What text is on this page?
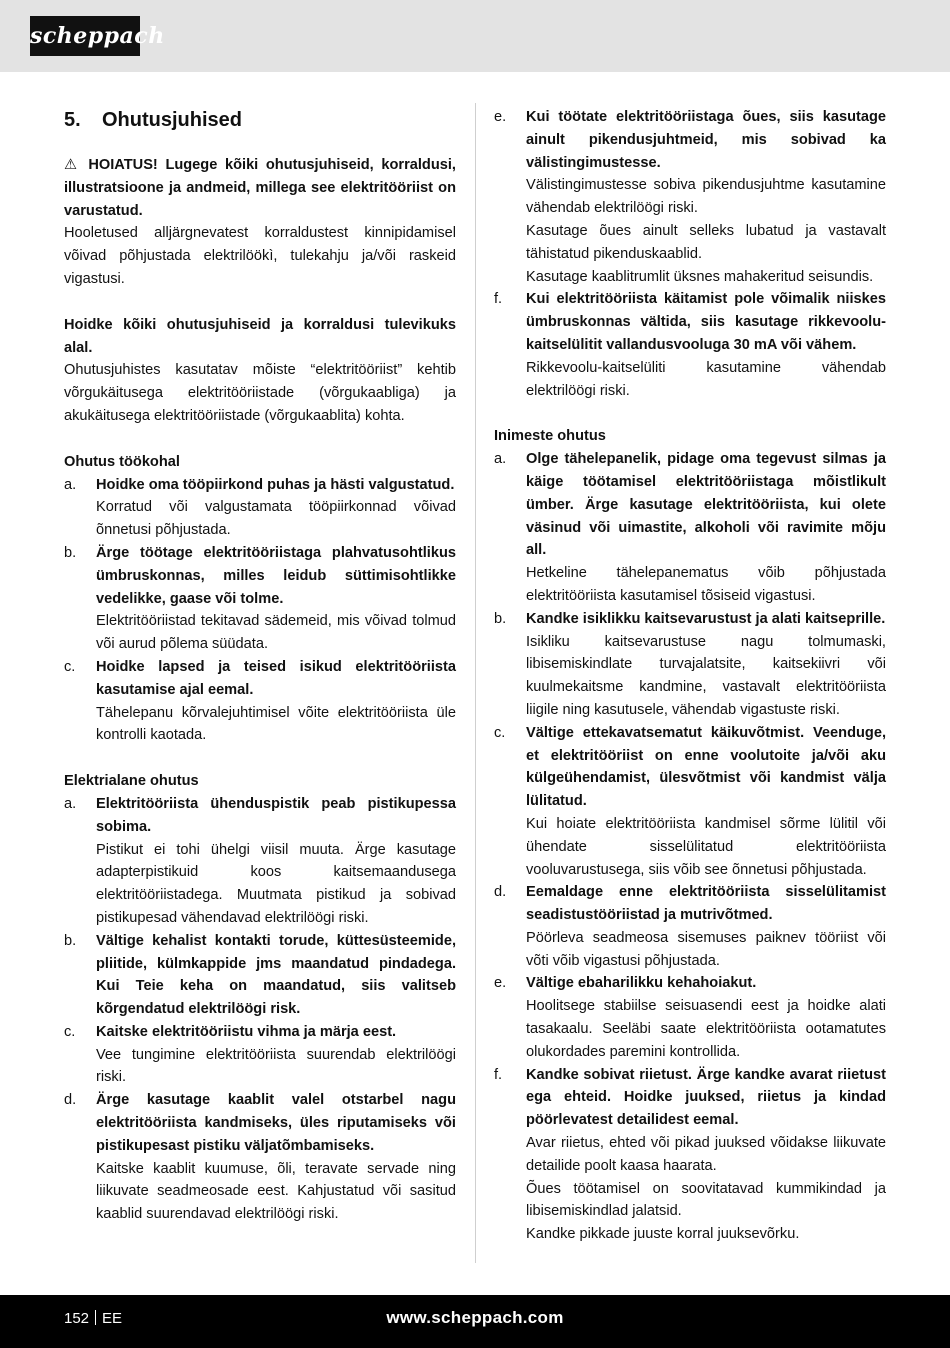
scheppach
5.	Ohutusjuhised

⚠ HOIATUS! Lugege kõiki ohutusjuhiseid, korraldusi, illustratsioone ja andmeid, millega see elektritööriist on varustatud.

Hooletused alljärgnevatest korraldustest kinnipidamisel võivad põhjustada elektrilöökì, tulekahju ja/või raskeid vigastusi.

Hoidke kõiki ohutusjuhiseid ja korraldusi tulevikuks alal.

Ohutusjuhistes kasutatav mõiste “elektritööriist” kehtib võrgukäitusega elektritööriistade (võrgukaabliga) ja akukäitusega elektritööriistade (võrgukaablita) kohta.

Ohutus töökohal
a.	Hoidke oma tööpiirkond puhas ja hästi valgustatud.

Korratud või valgustamata tööpiirkonnad võivad õnnetusi põhjustada.

b.	Ärge töötage elektritööriistaga plahvatusohtlikus ümbruskonnas, milles leidub süttimisohtlikke vedelikke, gaase või tolme.

Elektritööriistad tekitavad sädemeid, mis võivad tolmud või aurud põlema süüdata.

c.	Hoidke lapsed ja teised isikud elektritööriista kasutamise ajal eemal.

Tähelepanu kõrvalejuhtimisel võite elektritööriista üle kontrolli kaotada.

Elektrialane ohutus
a.	Elektritööriista ühenduspistik peab pistikupessa sobima.

Pistikut ei tohi ühelgi viisil muuta. Ärge kasutage adapterpistikuid koos kaitsemaandusega elektritööriistadega. Muutmata pistikud ja sobivad pistikupesad vähendavad elektrilöögi riski.

b.	Vältige kehalist kontakti torude, küttesüsteemide, pliitide, külmkappide jms maandatud pindadega. Kui Teie keha on maandatud, siis valitseb kõrgendatud elektrilöögi risk.

c.	Kaitske elektritööriistu vihma ja märja eest.

Vee tungimine elektritööriista suurendab elektrilöögi riski.

d.	Ärge kasutage kaablit valel otstarbel nagu elektritööriista kandmiseks, üles riputamiseks või pistikupesast pistiku väljatõmbamiseks.

Kaitske kaablit kuumuse, õli, teravate servade ning liikuvate seadmeosade eest. Kahjustatud või sasitud kaablid suurendavad elektrilöögi riski.

e.	Kui töötate elektritööriistaga õues, siis kasutage ainult pikendusjuhtmeid, mis sobivad ka välistingimustesse.

Välistingimustesse sobiva pikendusjuhtme kasutamine vähendab elektrilöögi riski.

Kasutage õues ainult selleks lubatud ja vastavalt tähistatud pikenduskaablid.

Kasutage kaablitrumlit üksnes mahakeritud seisundis.

f.	Kui elektritööriista käitamist pole võimalik niiskes ümbruskonnas vältida, siis kasutage rikkevoolu-kaitselülitit vallandusvooluga 30 mA või vähem.

Rikkevoolu-kaitselüliti kasutamine vähendab elektrilöögi riski.

Inimeste ohutus
a.	Olge tähelepanelik, pidage oma tegevust silmas ja käige töötamisel elektritööriistaga mõistlikult ümber. Ärge kasutage elektritööriista, kui olete väsinud või uimastite, alkoholi või ravimite mõju all.

Hetkeline tähelepanematus võib põhjustada elektritööriista kasutamisel tõsiseid vigastusi.

b.	Kandke isiklikku kaitsevarustust ja alati kaitseprille.

Isikliku kaitsevarustuse nagu tolmumaski, libisemiskindlate turvajalatsite, kaitsekiivri või kuulmekaitsme kandmine, vastavalt elektritööriista liigile ning kasutusele, vähendab vigastuste riski.

c.	Vältige ettekavatsematut käikuvõtmist. Veenduge, et elektritööriist on enne voolutoite ja/või aku külgeühendamist, ülesvõtmist või kandmist välja lülitatud.

Kui hoiate elektritööriista kandmisel sõrme lülitil või ühendate sisselülitatud elektritööriista vooluvarustusega, siis võib see õnnetusi põhjustada.

d.	Eemaldage enne elektritööriista sisselülitamist seadistustööriistad ja mutrivõtmed.

Pöörleva seadmeosa sisemuses paiknev tööriist või võti võib vigastusi põhjustada.

e.	Vältige ebaharilikku kehahoiakut.

Hoolitsege stabiilse seisuasendi eest ja hoidke alati tasakaalu. Seeläbi saate elektritööriista ootamatutes olukordades paremini kontrollida.

f.	Kandke sobivat riietust. Ärge kandke avarat riietust ega ehteid. Hoidke juuksed, riietus ja kindad pöörlevatest detailidest eemal.

Avar riietus, ehted või pikad juuksed võidakse liikuvate detailide poolt kaasa haarata.

Õues töötamisel on soovitatavad kummikindad ja libisemiskindlad jalatsid.

Kandke pikkade juuste korral juuksevõrku.

152 EE	www.scheppach.com
